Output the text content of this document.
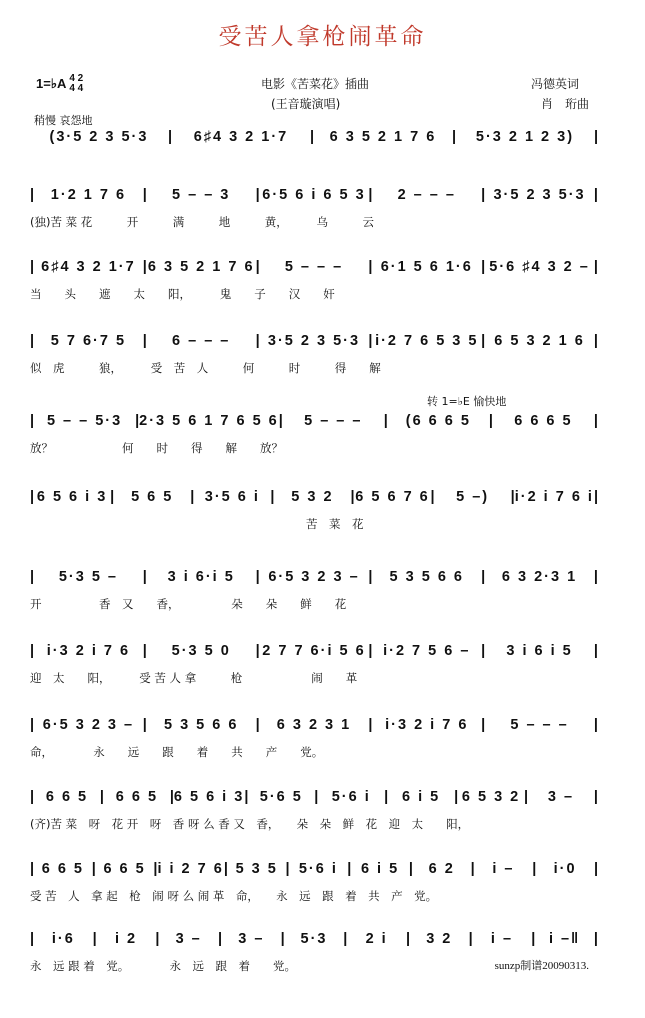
受苦人拿枪闹革命
1=♭A 4 2
4 4	电影《苦菜花》插曲
(王音璇演唱)
冯德英词
肖　珩曲
稍慢 哀怨地
转 1=♭E 愉快地
(3·5 2 3 5·3	|	6♯4 3 2 1·7	|	6 3 5 2 1 7 6	|	5·3 2 1 2 3)	|
|	1·2 1 7 6	|	5 – – 3	| 6·5 6 i 6 5 3 |	2 – – –	| 3·5 2 3 5·3 |
(独)苦 菜 花　　　开　　　满　　　地　　　黄，　　　乌　　　云
| 6♯4 3 2 1·7 | 6 3 5 2 1 7 6 |	5 – – –	| 6·1 5 6 1·6 | 5·6 ♯4 3 2 – |
当　　头　　遮　　太　　阳，　　　鬼　　子　　汉　　奸
|	5 7 6·7 5	|	6 – – –	| 3·5 2 3 5·3 | i·2 7 6 5 3 5 | 6 5 3 2 1 6 |
似　虎　　　狼，　　　受　苦　人　　　何　　　时　　　得　　解
| 5 – – 5·3 | 2·3 5 6 1 7 6 5 6 |	5 – – –	|	(6 6 6 5	|	6 6 6 5	|
放？　　　　　　何　　时　　得　　解　　放？
| 6 5 6 i 3 |	5 6 5	| 3·5 6 i |	5 3 2	| 6 5 6 7 6 |	5 –)	| i·2 i 7 6 i |
　　　　　　　　　　　　　　　　　　　　　　　　苦　菜　花
|	5·3 5 –	|	3 i 6·i 5	| 6·5 3 2 3 – |	5 3 5 6 6	|	6 3 2·3 1	|
开　　　　　香　又　　香，　　　　　朵　　朵　　鲜　　花
| i·3 2 i 7 6 |	5·3 5 0	| 2 7 7 6·i 5 6 | i·2 7 5 6 – |	3 i 6 i 5	|
迎　太　　阳，　　　受 苦 人 拿　　　枪　　　　　　闹　　革
| 6·5 3 2 3 – |	5 3 5 6 6	|	6 3 2 3 1	| i·3 2 i 7 6 |	5 – – –	|
命，　　　　永　　远　　跟　　着　　共　　产　　党。
| 6 6 5 | 6 6 5 | 6 5 6 i 3 | 5·6 5 | 5·6 i | 6 i 5 | 6 5 3 2 |	3 –	|
(齐)苦 菜　呀　花 开　呀　香 呀 么 香 又　香，　　朵　朵　鲜　花　迎　太　　阳，
| 6 6 5 | 6 6 5 | i i 2 7 6 | 5 3 5 | 5·6 i | 6 i 5 |	6 2	|	i –	|	i·0	|
受 苦　人　拿 起　枪　闹 呀 么 闹 革　命，　　永　远　跟　着　共　产　党。
|	i·6	|	i 2	|	3 –	|	3 –	|	5·3	|	2 i	|	3 2	|	i –	| i –‖ |
永　远 跟 着　党。　　　　永　远　跟　着　　党。	sunzp制谱20090313.
